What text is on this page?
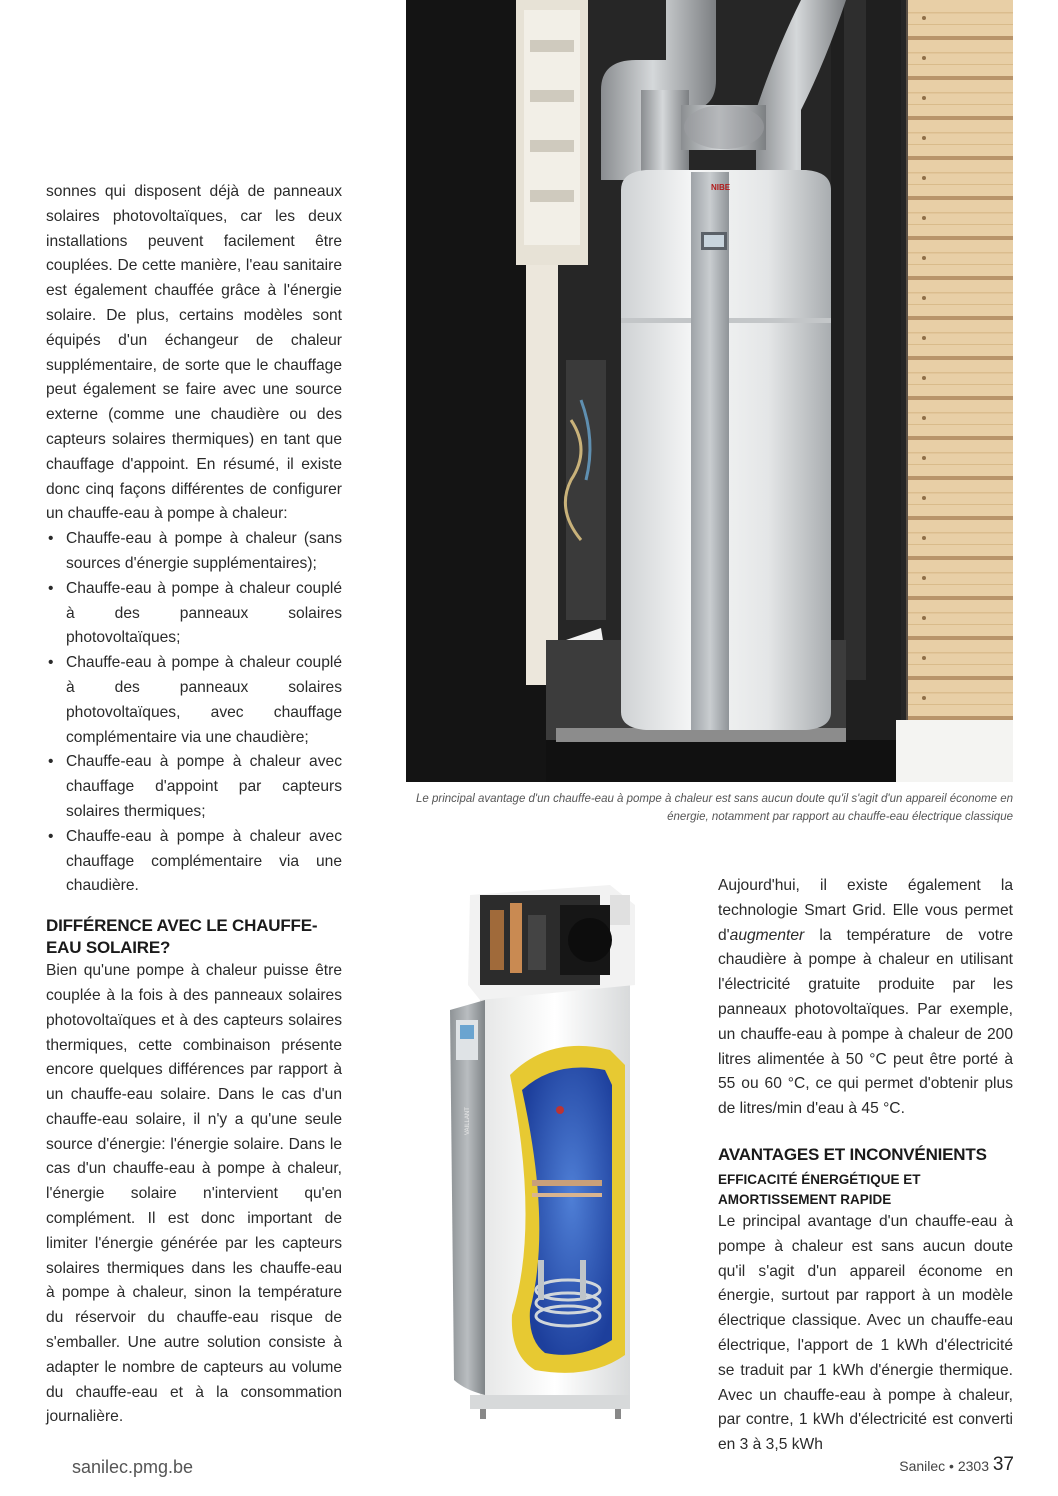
sonnes qui disposent déjà de panneaux solaires photovoltaïques, car les deux installations peuvent facilement être couplées. De cette manière, l'eau sanitaire est également chauffée grâce à l'énergie solaire. De plus, certains modèles sont équipés d'un échangeur de chaleur supplémentaire, de sorte que le chauffage peut également se faire avec une source externe (comme une chaudière ou des capteurs solaires thermiques) en tant que chauffage d'appoint. En résumé, il existe donc cinq façons différentes de configurer un chauffe-eau à pompe à chaleur:

• Chauffe-eau à pompe à chaleur (sans sources d'énergie supplémentaires);
• Chauffe-eau à pompe à chaleur couplé à des panneaux solaires photovoltaïques;
• Chauffe-eau à pompe à chaleur couplé à des panneaux solaires photovoltaïques, avec chauffage complémentaire via une chaudière;
• Chauffe-eau à pompe à chaleur avec chauffage d'appoint par capteurs solaires thermiques;
• Chauffe-eau à pompe à chaleur avec chauffage complémentaire via une chaudière.
DIFFÉRENCE AVEC LE CHAUFFE-EAU SOLAIRE?

Bien qu'une pompe à chaleur puisse être couplée à la fois à des panneaux solaires photovoltaïques et à des capteurs solaires thermiques, cette combinaison présente encore quelques différences par rapport à un chauffe-eau solaire. Dans le cas d'un chauffe-eau solaire, il n'y a qu'une seule source d'énergie: l'énergie solaire. Dans le cas d'un chauffe-eau à pompe à chaleur, l'énergie solaire n'intervient qu'en complément. Il est donc important de limiter l'énergie générée par les capteurs solaires thermiques dans les chauffe-eau à pompe à chaleur, sinon la température du réservoir du chauffe-eau risque de s'emballer. Une autre solution consiste à adapter le nombre de capteurs au volume du chauffe-eau et à la consommation journalière.

NIBE
Le principal avantage d'un chauffe-eau à pompe à chaleur est sans aucun doute qu'il s'agit d'un appareil économe en énergie, notamment par rapport au chauffe-eau électrique classique
VAILLANT

Aujourd'hui, il existe également la technologie Smart Grid. Elle vous permet d'augmenter la température de votre chaudière à pompe à chaleur en utilisant l'électricité gratuite produite par les panneaux photovoltaïques. Par exemple, un chauffe-eau à pompe à chaleur de 200 litres alimentée à 50 °C peut être porté à 55 ou 60 °C, ce qui permet d'obtenir plus de litres/min d'eau à 45 °C.

AVANTAGES ET INCONVÉNIENTS
EFFICACITÉ ÉNERGÉTIQUE ET AMORTISSEMENT RAPIDE

Le principal avantage d'un chauffe-eau à pompe à chaleur est sans aucun doute qu'il s'agit d'un appareil économe en énergie, surtout par rapport à un modèle électrique classique. Avec un chauffe-eau électrique, l'apport de 1 kWh d'électricité se traduit par 1 kWh d'énergie thermique. Avec un chauffe-eau à pompe à chaleur, par contre, 1 kWh d'électricité est converti en 3 à 3,5 kWh

sanilec.pmg.be	Sanilec • 2303 37
